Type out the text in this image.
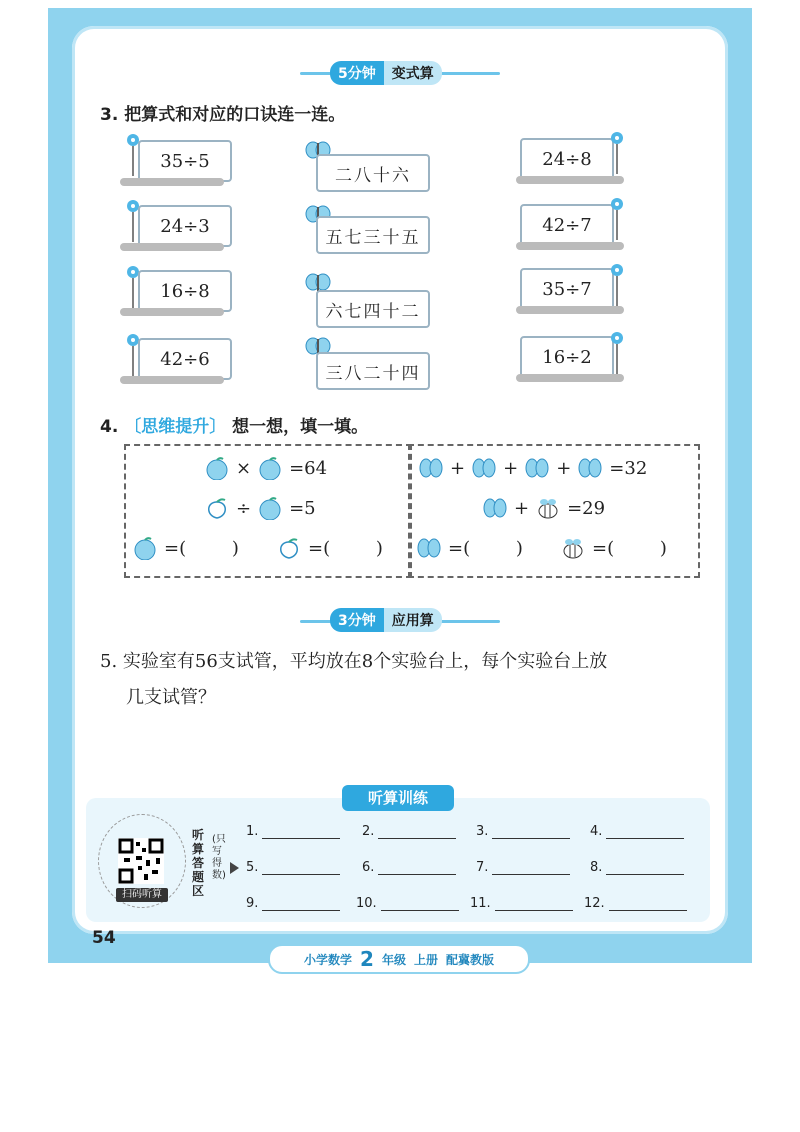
5分钟	变式算
3. 把算式和对应的口诀连一连。
35÷5
24÷3
16÷8
42÷6
二八十六
五七三十五
六七四十二
三八二十四
24÷8
42÷7
35÷7
16÷2
4. 〔思维提升〕 想一想，填一填。
× =64
÷ =5
=(        )	=(        )
+ + + =32
+ =29
=(        )	=(        )
3分钟	应用算
5. 实验室有56支试管，平均放在8个实验台上，每个实验台上放
几支试管？
听算训练
扫码听算
听算答题区
(只写得数)
1.	2.	3.	4.
5.	6.	7.	8.
9.	10.	11.	12.
54
小学数学 2 年级 上册 配冀教版
